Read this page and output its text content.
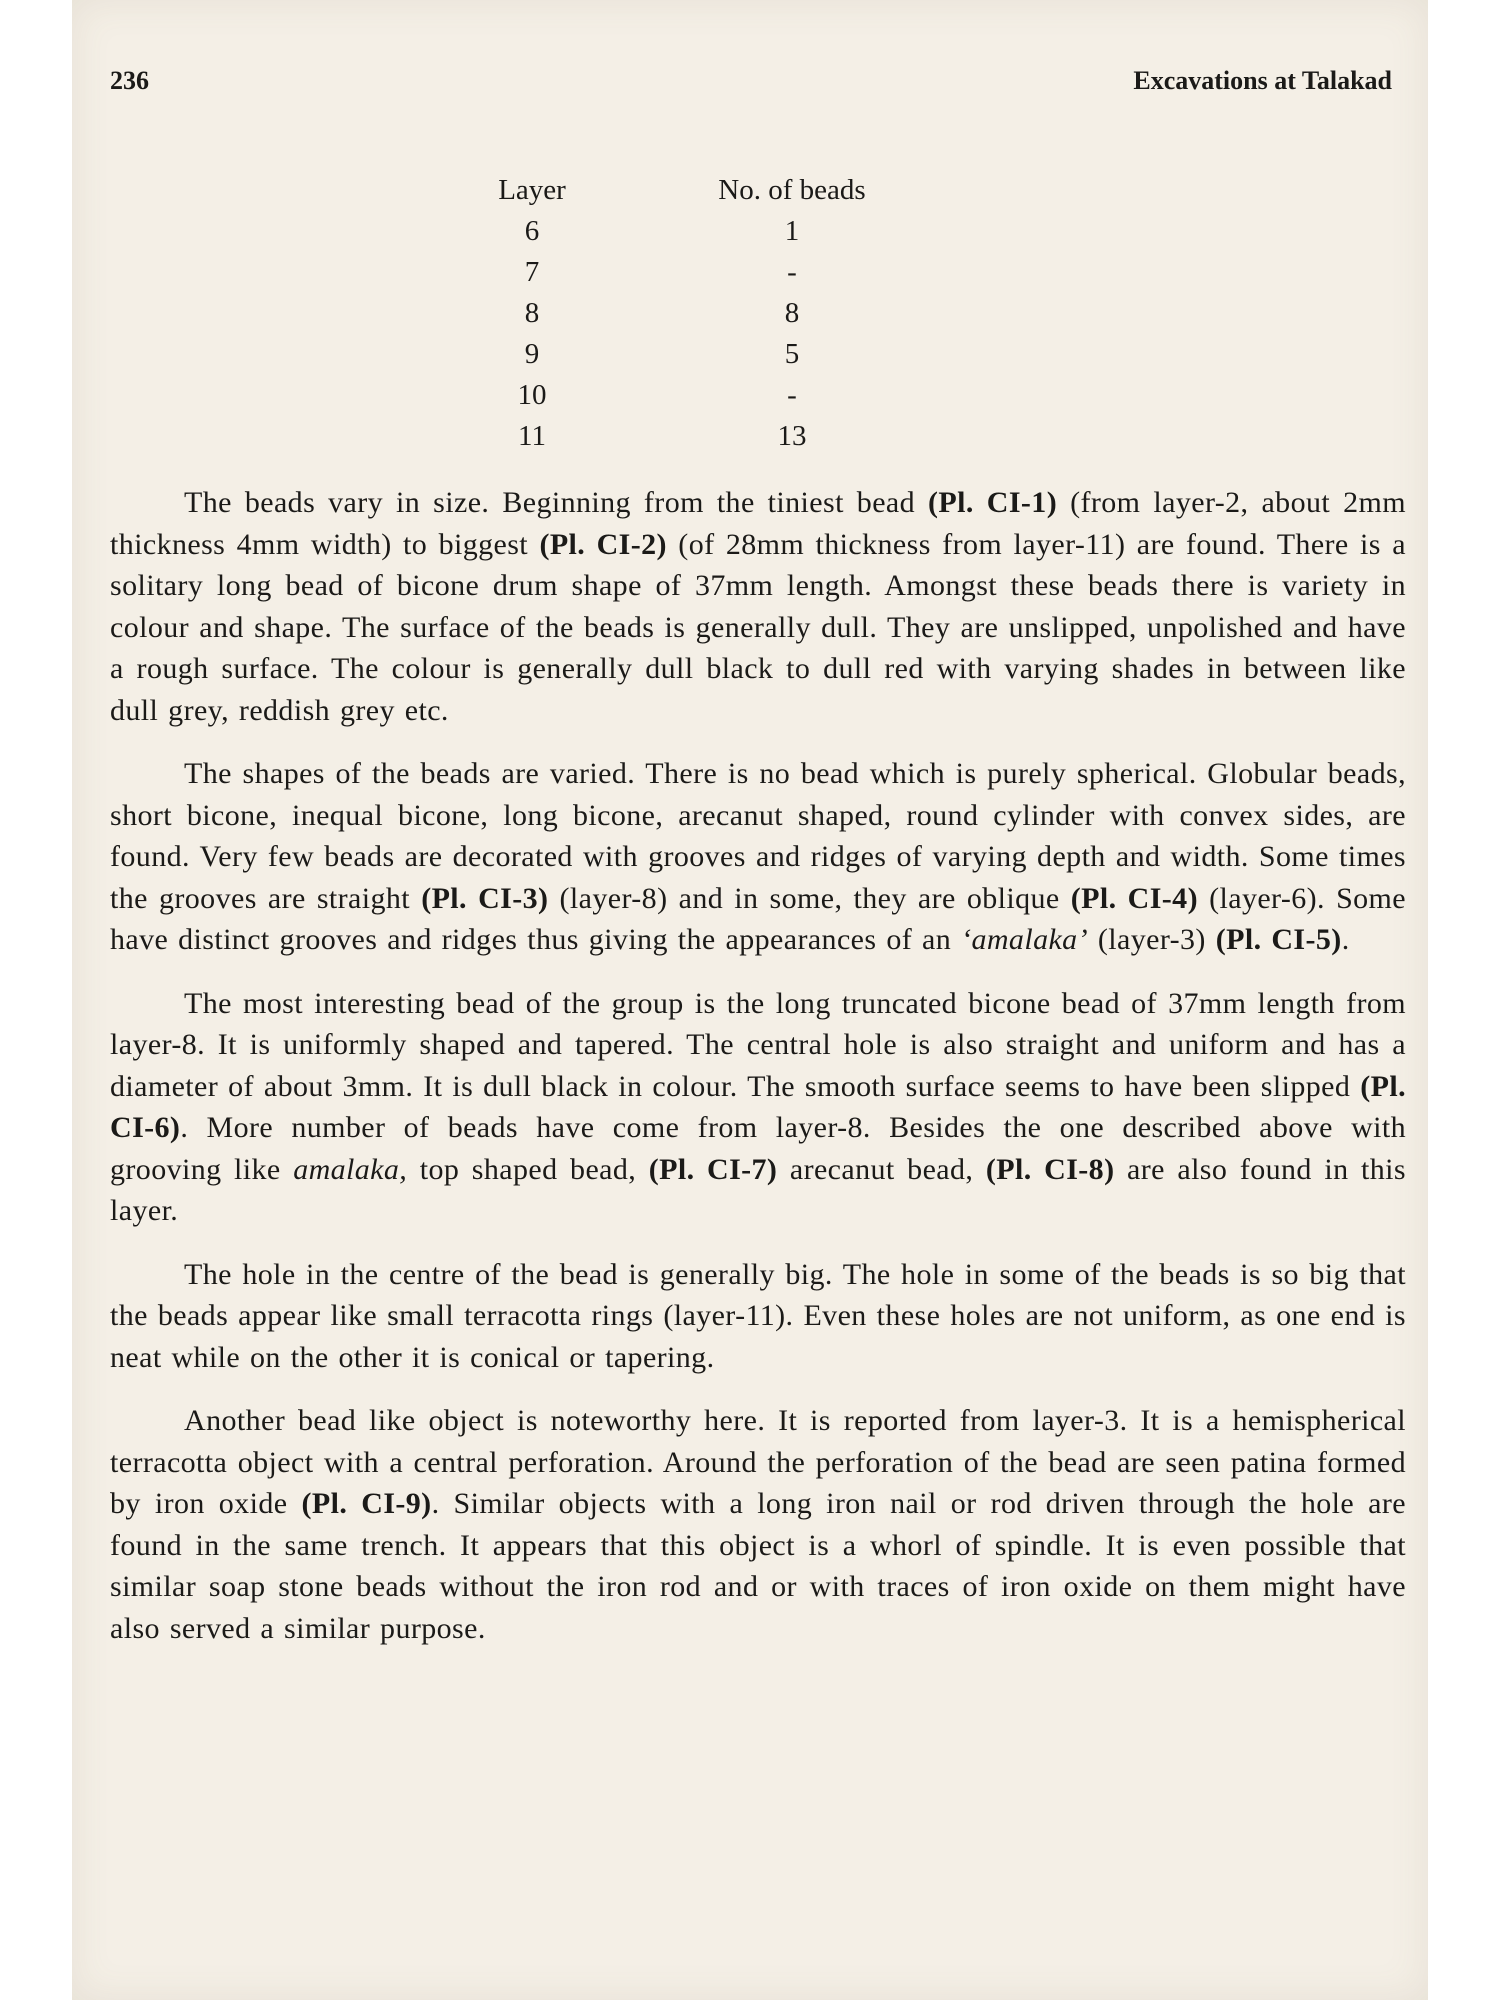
236	Excavations at Talakad
Layer	No. of beads
6	1
7	-
8	8
9	5
10	-
11	13

The beads vary in size. Beginning from the tiniest bead (Pl. CI-1) (from layer-2, about 2mm thickness 4mm width) to biggest (Pl. CI-2) (of 28mm thickness from layer-11) are found. There is a solitary long bead of bicone drum shape of 37mm length. Amongst these beads there is variety in colour and shape. The surface of the beads is generally dull. They are unslipped, unpolished and have a rough surface. The colour is generally dull black to dull red with varying shades in between like dull grey, reddish grey etc.

The shapes of the beads are varied. There is no bead which is purely spherical. Globular beads, short bicone, inequal bicone, long bicone, arecanut shaped, round cylinder with convex sides, are found. Very few beads are decorated with grooves and ridges of varying depth and width. Some times the grooves are straight (Pl. CI-3) (layer-8) and in some, they are oblique (Pl. CI-4) (layer-6). Some have distinct grooves and ridges thus giving the appearances of an ‘amalaka’ (layer-3) (Pl. CI-5).

The most interesting bead of the group is the long truncated bicone bead of 37mm length from layer-8. It is uniformly shaped and tapered. The central hole is also straight and uniform and has a diameter of about 3mm. It is dull black in colour. The smooth surface seems to have been slipped (Pl. CI-6). More number of beads have come from layer-8. Besides the one described above with grooving like amalaka, top shaped bead, (Pl. CI-7) arecanut bead, (Pl. CI-8) are also found in this layer.

The hole in the centre of the bead is generally big. The hole in some of the beads is so big that the beads appear like small terracotta rings (layer-11). Even these holes are not uniform, as one end is neat while on the other it is conical or tapering.

Another bead like object is noteworthy here. It is reported from layer-3. It is a hemispherical terracotta object with a central perforation. Around the perforation of the bead are seen patina formed by iron oxide (Pl. CI-9). Similar objects with a long iron nail or rod driven through the hole are found in the same trench. It appears that this object is a whorl of spindle. It is even possible that similar soap stone beads without the iron rod and or with traces of iron oxide on them might have also served a similar purpose.
